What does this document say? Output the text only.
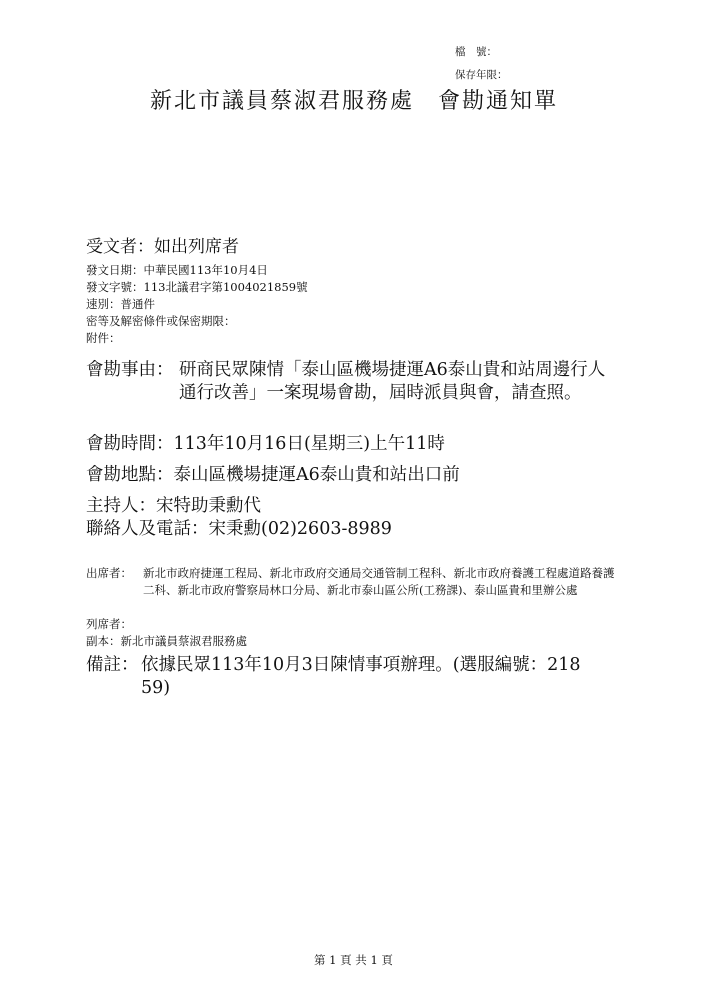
檔　號：
保存年限：
新北市議員蔡淑君服務處　會勘通知單
受文者：如出列席者
發文日期：中華民國113年10月4日
發文字號：113北議君字第1004021859號
速別：普通件
密等及解密條件或保密期限：
附件：
會勘事由： 研商民眾陳情「泰山區機場捷運A6泰山貴和站周邊行人通行改善」一案現場會勘，屆時派員與會，請查照。
會勘時間：113年10月16日(星期三)上午11時
會勘地點：泰山區機場捷運A6泰山貴和站出口前
主持人：宋特助秉勳代
聯絡人及電話：宋秉勳(02)2603-8989
出席者： 新北市政府捷運工程局、新北市政府交通局交通管制工程科、新北市政府養護工程處道路養護二科、新北市政府警察局林口分局、新北市泰山區公所(工務課)、泰山區貴和里辦公處
列席者：
副本：新北市議員蔡淑君服務處
備註： 依據民眾113年10月3日陳情事項辦理。(選服編號：21859)
第 1 頁 共 1 頁
